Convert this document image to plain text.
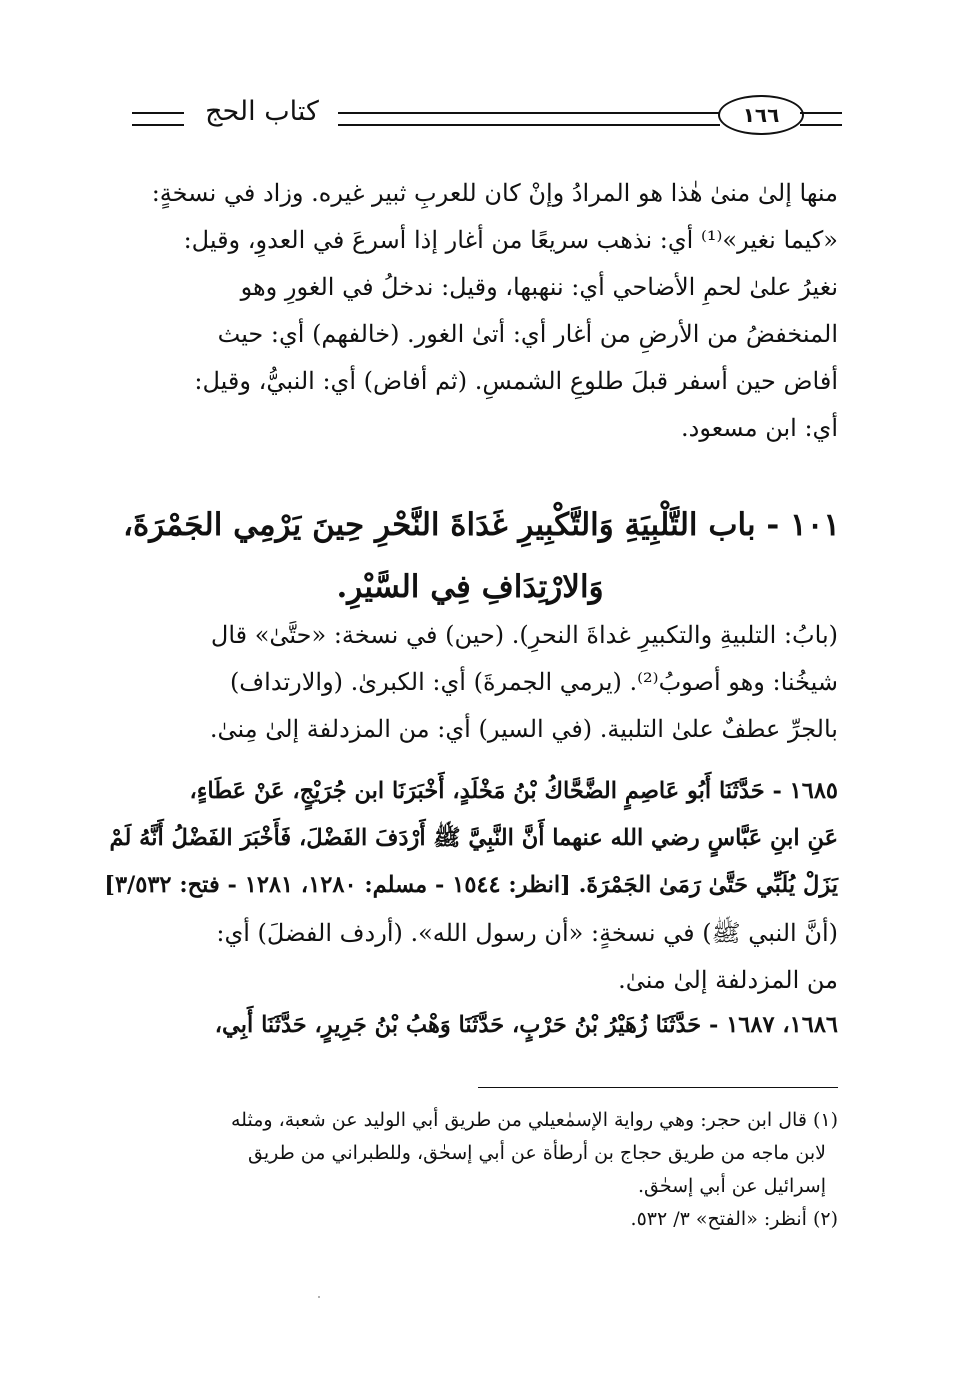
١٦٦
كتاب الحج
منها إلىٰ منىٰ هٰذا هو المرادُ وإنْ كان للعربِ ثبير غيره. وزاد في نسخةٍ:
«كيما نغير»⁽¹⁾ أي: نذهب سريعًا من أغار إذا أسرعَ في العدوِ، وقيل:
نغيرُ علىٰ لحمِ الأضاحي أي: ننهبها، وقيل: ندخلُ في الغورِ وهو
المنخفضُ من الأرضِ من أغار أي: أتىٰ الغور. (خالفهم) أي: حيث
أفاض حين أسفر قبلَ طلوعِ الشمسِ. (ثم أفاض) أي: النبيُّ، وقيل:
أي: ابن مسعود.
١٠١ - باب التَّلْبِيَةِ وَالتَّكْبِيرِ غَدَاةَ النَّحْرِ حِينَ يَرْمِي الجَمْرَةَ،
وَالارْتِدَافِ فِي السَّيْرِ.
(بابُ: التلبيةِ والتكبيرِ غداةَ النحرِ). (حين) في نسخة: «حتَّىٰ» قال
شيخُنا: وهو أصوبُ⁽²⁾. (يرمي الجمرةَ) أي: الكبرىٰ. (والارتداف)
بالجرِّ عطفٌ علىٰ التلبية. (في السير) أي: من المزدلفة إلىٰ مِنىٰ.
١٦٨٥ - حَدَّثَنَا أَبُو عَاصِمٍ الضَّحَّاكُ بْنُ مَخْلَدٍ، أَخْبَرَنَا ابن جُرَيْجٍ، عَنْ عَطَاءٍ،
عَنِ ابنِ عَبَّاسٍ رضي الله عنهما أَنَّ النَّبِيَّ ﷺ أَرْدَفَ الفَضْلَ، فَأَخْبَرَ الفَضْلُ أَنَّهُ لَمْ
يَزَلْ يُلَبِّي حَتَّىٰ رَمَىٰ الجَمْرَةَ. [انظر: ١٥٤٤ - مسلم: ١٢٨٠، ١٢٨١ - فتح: ٣/٥٣٢]
(أنَّ النبي ﷺ) في نسخةٍ: «أن رسول الله». (أردف الفضلَ) أي:
من المزدلفة إلىٰ منىٰ.
١٦٨٦، ١٦٨٧ - حَدَّثَنَا زُهَيْرُ بْنُ حَرْبٍ، حَدَّثَنَا وَهْبُ بْنُ جَرِيرٍ، حَدَّثَنَا أَبِي،
(١) قال ابن حجر: وهي رواية الإسمٰعيلي من طريق أبي الوليد عن شعبة، ومثله
لابن ماجه من طريق حجاج بن أرطأة عن أبي إسحٰق، وللطبراني من طريق
إسرائيل عن أبي إسحٰق.
(٢) أنظر: «الفتح» ٣/ ٥٣٢.
